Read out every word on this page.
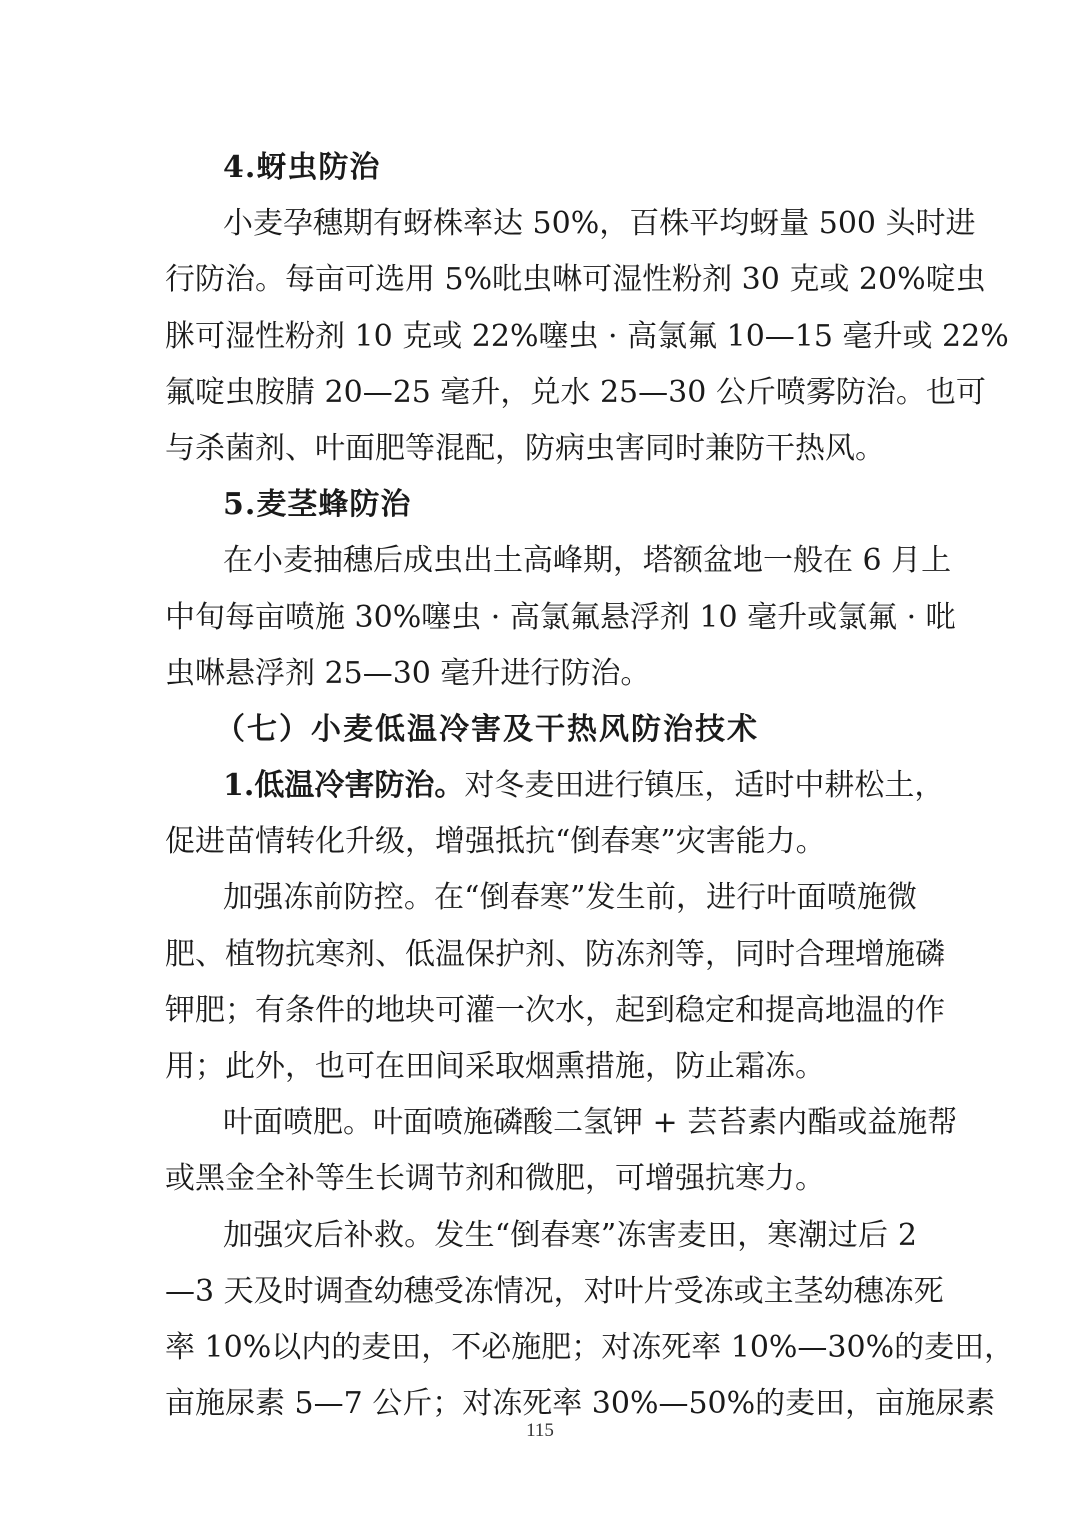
4.蚜虫防治
小麦孕穗期有蚜株率达 50%，百株平均蚜量 500 头时进
行防治。每亩可选用 5%吡虫啉可湿性粉剂 30 克或 20%啶虫
脒可湿性粉剂 10 克或 22%噻虫 · 高氯氟 10—15 毫升或 22%
氟啶虫胺腈 20—25 毫升，兑水 25—30 公斤喷雾防治。也可
与杀菌剂、叶面肥等混配，防病虫害同时兼防干热风。
5.麦茎蜂防治
在小麦抽穗后成虫出土高峰期，塔额盆地一般在 6 月上
中旬每亩喷施 30%噻虫 · 高氯氟悬浮剂 10 毫升或氯氟 · 吡
虫啉悬浮剂 25—30 毫升进行防治。
（七）小麦低温冷害及干热风防治技术
1.低温冷害防治。对冬麦田进行镇压，适时中耕松土，
促进苗情转化升级，增强抵抗“倒春寒”灾害能力。
加强冻前防控。在“倒春寒”发生前，进行叶面喷施微
肥、植物抗寒剂、低温保护剂、防冻剂等，同时合理增施磷
钾肥；有条件的地块可灌一次水，起到稳定和提高地温的作
用；此外，也可在田间采取烟熏措施，防止霜冻。
叶面喷肥。叶面喷施磷酸二氢钾 + 芸苔素内酯或益施帮
或黑金全补等生长调节剂和微肥，可增强抗寒力。
加强灾后补救。发生“倒春寒”冻害麦田，寒潮过后 2
—3 天及时调查幼穗受冻情况，对叶片受冻或主茎幼穗冻死
率 10%以内的麦田，不必施肥；对冻死率 10%—30%的麦田，
亩施尿素 5—7 公斤；对冻死率 30%—50%的麦田，亩施尿素
115
